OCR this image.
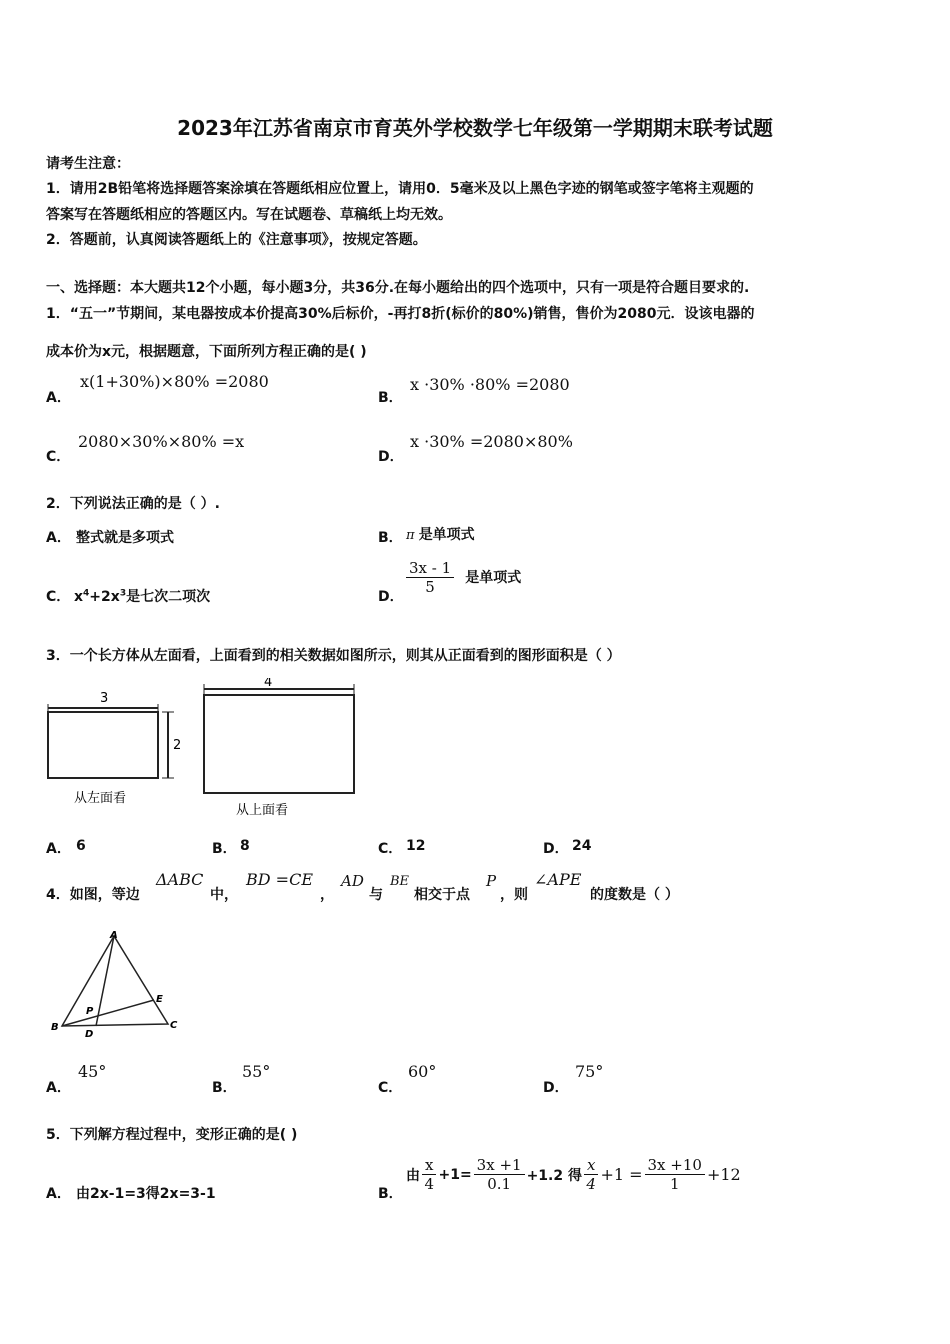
2023年江苏省南京市育英外学校数学七年级第一学期期末联考试题
请考生注意：
1．请用2B铅笔将选择题答案涂填在答题纸相应位置上，请用0．5毫米及以上黑色字迹的钢笔或签字笔将主观题的
答案写在答题纸相应的答题区内。写在试题卷、草稿纸上均无效。
2．答题前，认真阅读答题纸上的《注意事项》，按规定答题。
一、选择题：本大题共12个小题，每小题3分，共36分.在每小题给出的四个选项中，只有一项是符合题目要求的.
1．“五一”节期间，某电器按成本价提高30%后标价，-再打8折(标价的80%)销售，售价为2080元．设该电器的
成本价为x元，根据题意，下面所列方程正确的是( )
A．
x(1+30%)×80% =2080
B．
x ·30% ·80% =2080
C．
2080×30%×80% =x
D．
x ·30% =2080×80%
2．下列说法正确的是（ ）.
A． 整式就是多项式	B． π 是单项式
C． $x^4+2x^3$是七次二项次	D．
$\frac{3x - 1}{5}$ 是单项式
3．一个长方体从左面看，上面看到的相关数据如图所示，则其从正面看到的图形面积是（ ）
3
2
从左面看
4
从上面看
A． 6	B． 8	C． 12	D． 24
4．如图，等边
ΔABC
中，
BD =CE
，
AD
与
BE
相交于点
P
，则
∠APE
的度数是（ ）
A
B	C
D
E
P
A．
45°
B．
55°
C．
60°
D．
75°
5．下列解方程过程中，变形正确的是( )
A． 由2x-1=3得2x=3-1	B．
由 $\frac{x}{4} +1= \frac{3x +1}{0.1} +1.2$ 得 $\frac{x}{4} +1 = \frac{3x +10}{1} +12$
